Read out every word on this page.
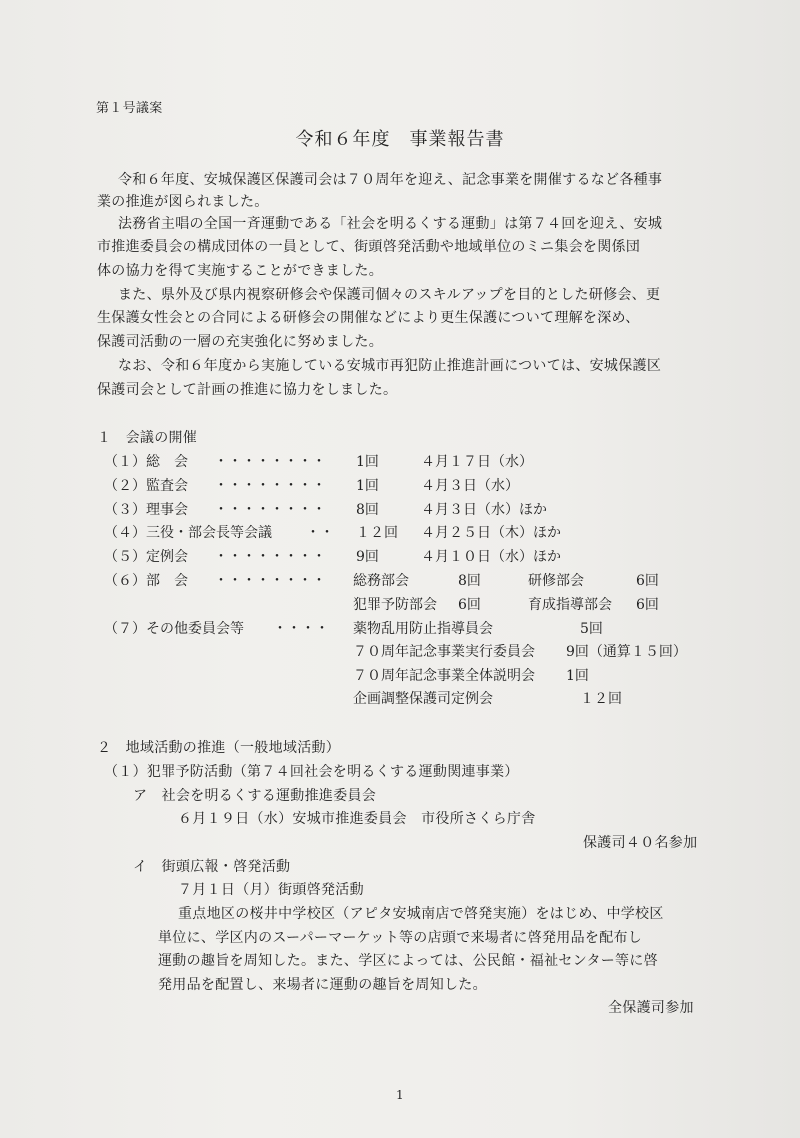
第１号議案
令和６年度　事業報告書
令和６年度、安城保護区保護司会は７０周年を迎え、記念事業を開催するなど各種事
業の推進が図られました。
法務省主唱の全国一斉運動である「社会を明るくする運動」は第７４回を迎え、安城
市推進委員会の構成団体の一員として、街頭啓発活動や地域単位のミニ集会を関係団
体の協力を得て実施することができました。
また、県外及び県内視察研修会や保護司個々のスキルアップを目的とした研修会、更
生保護女性会との合同による研修会の開催などにより更生保護について理解を深め、
保護司活動の一層の充実強化に努めました。
なお、令和６年度から実施している安城市再犯防止推進計画については、安城保護区
保護司会として計画の推進に協力をしました。
１　会議の開催
（１）総　会 ・・・・・・・・ 1回	４月１７日（水）
（２）監査会 ・・・・・・・・ 1回	４月３日（水）
（３）理事会 ・・・・・・・・ 8回	４月３日（水）ほか
（４）三役・部会長等会議 ・・ １２回 ４月２５日（木）ほか
（５）定例会 ・・・・・・・・ 9回	４月１０日（水）ほか
（６）部　会 ・・・・・・・・ 総務部会	8回	研修部会	6回
犯罪予防部会 6回	育成指導部会 6回
（７）その他委員会等 ・・・・ 薬物乱用防止指導員会	5回
７０周年記念事業実行委員会 9回（通算１５回）
７０周年記念事業全体説明会 1回
企画調整保護司定例会	１２回
２　地域活動の推進（一般地域活動）
（１）犯罪予防活動（第７４回社会を明るくする運動関連事業）
ア　社会を明るくする運動推進委員会
６月１９日（水）安城市推進委員会　市役所さくら庁舎
保護司４０名参加
イ　街頭広報・啓発活動
７月１日（月）街頭啓発活動
重点地区の桜井中学校区（アピタ安城南店で啓発実施）をはじめ、中学校区
単位に、学区内のスーパーマーケット等の店頭で来場者に啓発用品を配布し
運動の趣旨を周知した。また、学区によっては、公民館・福祉センター等に啓
発用品を配置し、来場者に運動の趣旨を周知した。
全保護司参加
1
